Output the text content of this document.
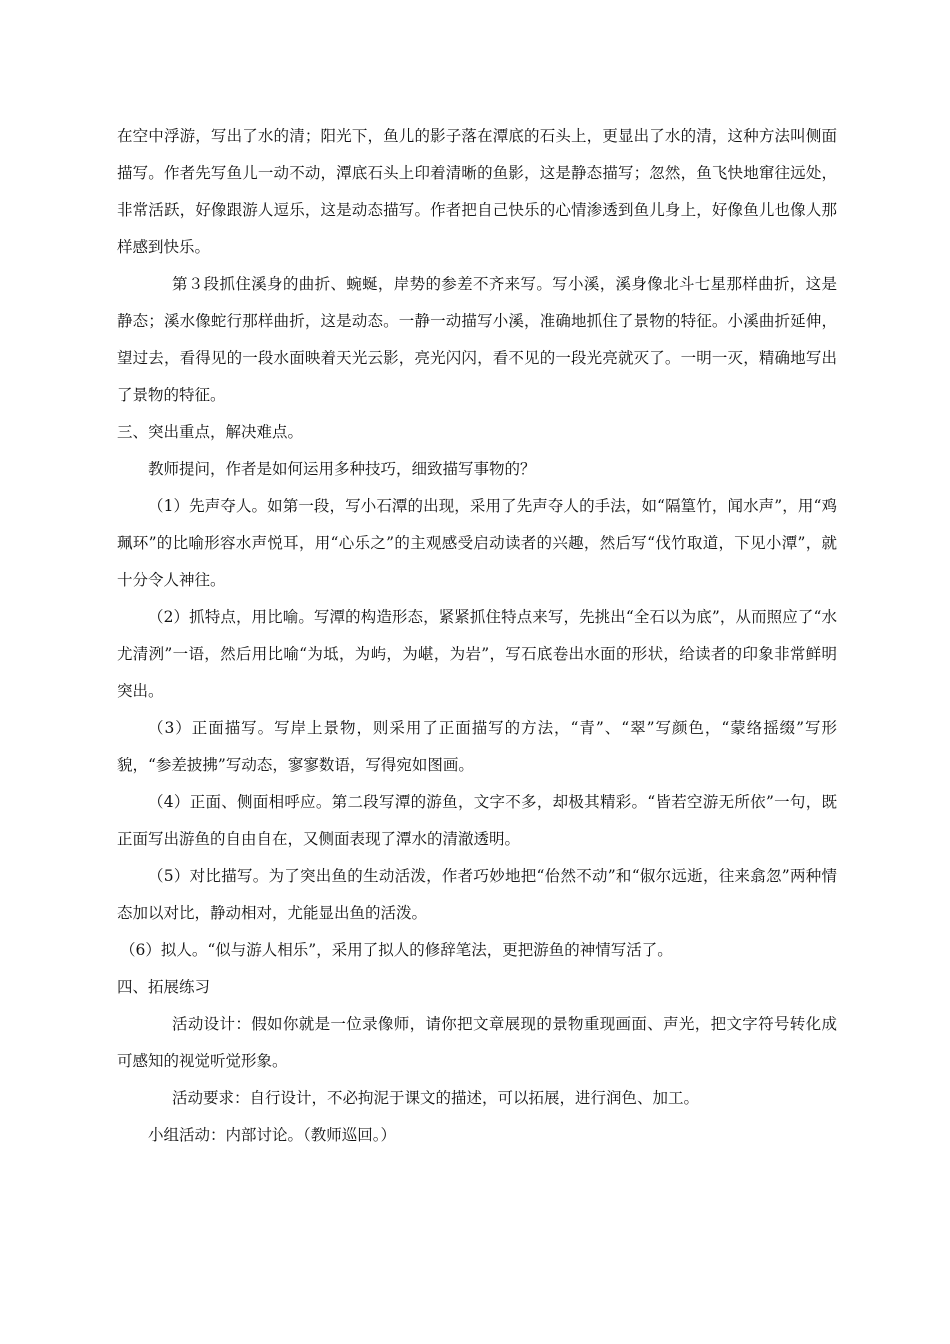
在空中浮游，写出了水的清；阳光下，鱼儿的影子落在潭底的石头上，更显出了水的清，这种方法叫侧面描写。作者先写鱼儿一动不动，潭底石头上印着清晰的鱼影，这是静态描写；忽然，鱼飞快地窜往远处，非常活跃，好像跟游人逗乐，这是动态描写。作者把自己快乐的心情渗透到鱼儿身上，好像鱼儿也像人那样感到快乐。

第３段抓住溪身的曲折、蜿蜒，岸势的参差不齐来写。写小溪，溪身像北斗七星那样曲折，这是静态；溪水像蛇行那样曲折，这是动态。一静一动描写小溪，准确地抓住了景物的特征。小溪曲折延伸，望过去，看得见的一段水面映着天光云影，亮光闪闪，看不见的一段光亮就灭了。一明一灭，精确地写出了景物的特征。

三、突出重点，解决难点。

教师提问，作者是如何运用多种技巧，细致描写事物的？

（1）先声夺人。如第一段，写小石潭的出现，采用了先声夺人的手法，如“隔篁竹，闻水声”，用“鸡珮环”的比喻形容水声悦耳，用“心乐之”的主观感受启动读者的兴趣，然后写“伐竹取道，下见小潭”，就十分令人神往。

（2）抓特点，用比喻。写潭的构造形态，紧紧抓住特点来写，先挑出“全石以为底”，从而照应了“水尤清洌”一语，然后用比喻“为坻，为屿，为嵁，为岩”，写石底卷出水面的形状，给读者的印象非常鲜明突出。

（3）正面描写。写岸上景物，则采用了正面描写的方法，“青”、“翠”写颜色，“蒙络摇缀”写形貌，“参差披拂”写动态，寥寥数语，写得宛如图画。

（4）正面、侧面相呼应。第二段写潭的游鱼，文字不多，却极其精彩。“皆若空游无所依”一句，既正面写出游鱼的自由自在，又侧面表现了潭水的清澈透明。

（5）对比描写。为了突出鱼的生动活泼，作者巧妙地把“佁然不动”和“俶尔远逝，往来翕忽”两种情态加以对比，静动相对，尤能显出鱼的活泼。

（6）拟人。“似与游人相乐”，采用了拟人的修辞笔法，更把游鱼的神情写活了。

四、拓展练习

活动设计：假如你就是一位录像师，请你把文章展现的景物重现画面、声光，把文字符号转化成可感知的视觉听觉形象。

活动要求：自行设计，不必拘泥于课文的描述，可以拓展，进行润色、加工。

小组活动：内部讨论。（教师巡回。）
